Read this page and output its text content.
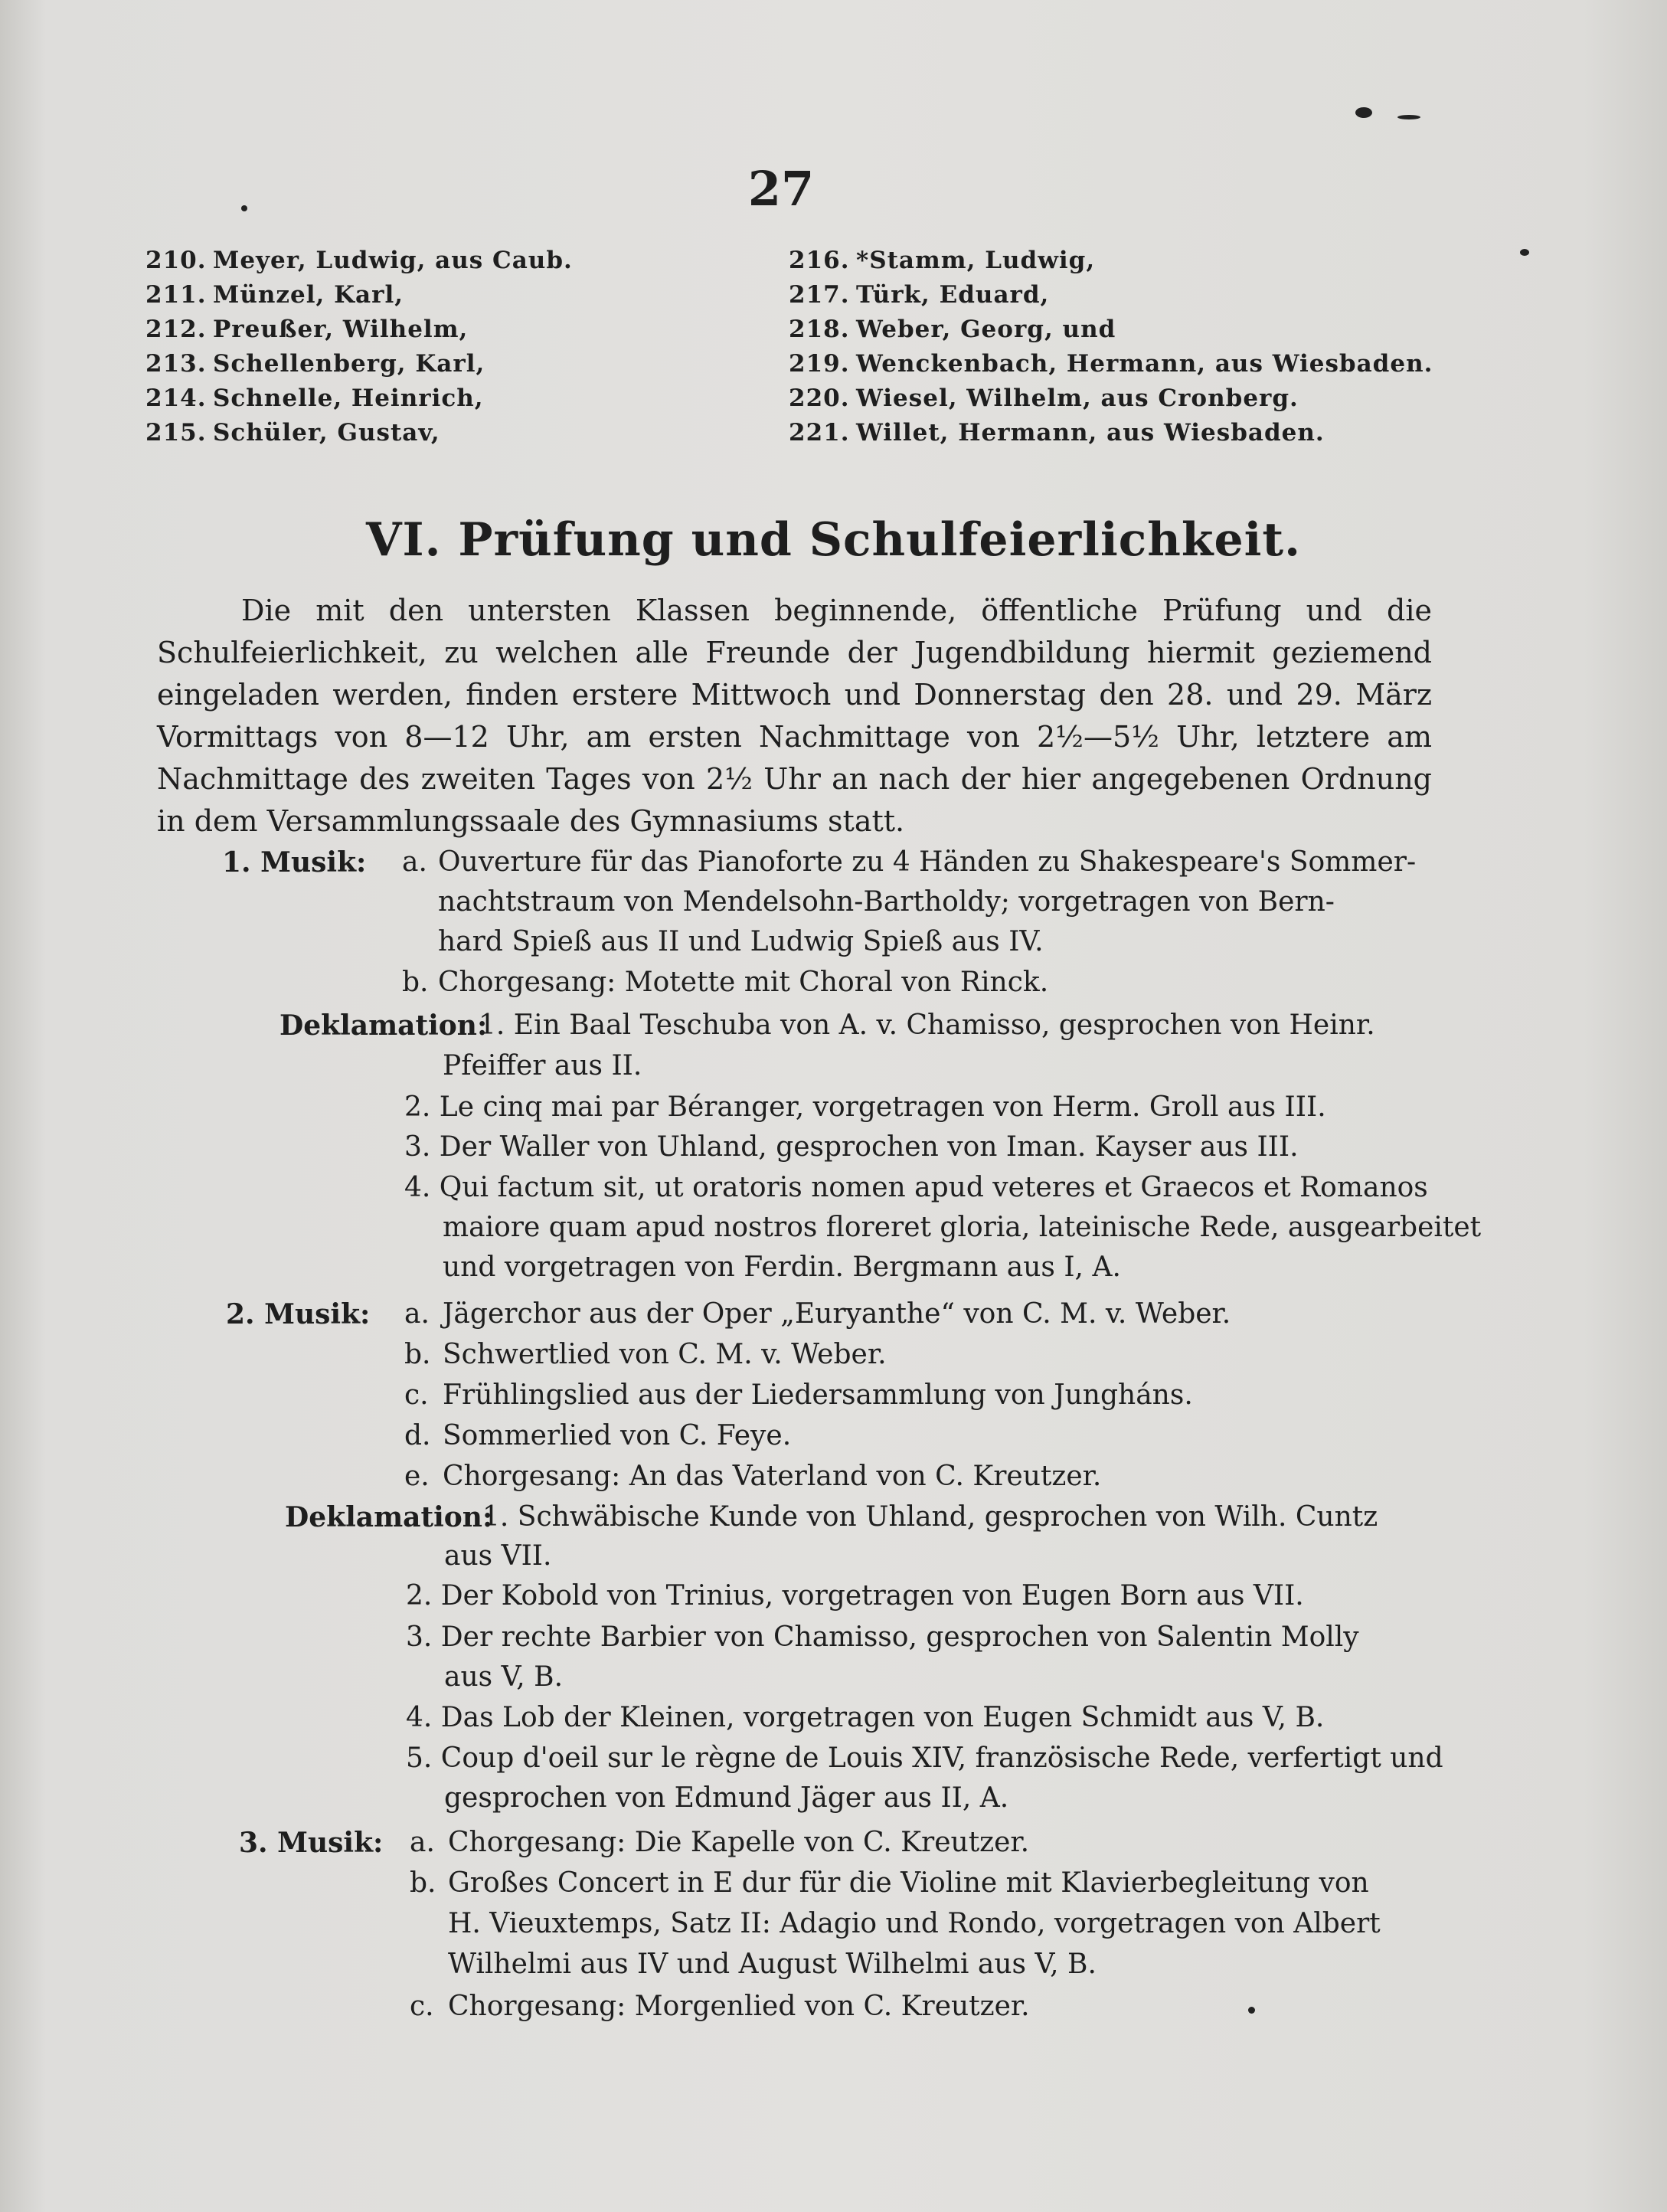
27
210. Meyer, Ludwig, aus Caub.
211. Münzel, Karl,
212. Preußer, Wilhelm,
213. Schellenberg, Karl,
214. Schnelle, Heinrich,
215. Schüler, Gustav,
216. *Stamm, Ludwig,
217. Türk, Eduard,
218. Weber, Georg, und
219. Wenckenbach, Hermann, aus Wiesbaden.
220. Wiesel, Wilhelm, aus Cronberg.
221. Willet, Hermann, aus Wiesbaden.
VI. Prüfung und Schulfeierlichkeit.
Die mit den untersten Klassen beginnende, öffentliche Prüfung und die Schulfeierlichkeit, zu welchen alle Freunde der Jugendbildung hiermit geziemend eingeladen werden, finden erstere Mittwoch und Donnerstag den 28. und 29. März Vormittags von 8—12 Uhr, am ersten Nachmittage von 2½—5½ Uhr, letztere am Nachmittage des zweiten Tages von 2½ Uhr an nach der hier angegebenen Ordnung in dem Versammlungssaale des Gymnasiums statt.
1. Musik: a. Ouverture für das Pianoforte zu 4 Händen zu Shakespeare's Sommer-
nachtstraum von Mendelsohn-Bartholdy; vorgetragen von Bern-
hard Spieß aus II und Ludwig Spieß aus IV.
b. Chorgesang: Motette mit Choral von Rinck.
Deklamation:
1. Ein Baal Teschuba von A. v. Chamisso, gesprochen von Heinr.
Pfeiffer aus II.
2. Le cinq mai par Béranger, vorgetragen von Herm. Groll aus III.
3. Der Waller von Uhland, gesprochen von Iman. Kayser aus III.
4. Qui factum sit, ut oratoris nomen apud veteres et Graecos et Romanos
maiore quam apud nostros floreret gloria, lateinische Rede, ausgearbeitet
und vorgetragen von Ferdin. Bergmann aus I, A.
2. Musik: a. Jägerchor aus der Oper „Euryanthe“ von C. M. v. Weber.
b. Schwertlied von C. M. v. Weber.
c. Frühlingslied aus der Liedersammlung von Jungháns.
d. Sommerlied von C. Feye.
e. Chorgesang: An das Vaterland von C. Kreutzer.
Deklamation:
1. Schwäbische Kunde von Uhland, gesprochen von Wilh. Cuntz
aus VII.
2. Der Kobold von Trinius, vorgetragen von Eugen Born aus VII.
3. Der rechte Barbier von Chamisso, gesprochen von Salentin Molly
aus V, B.
4. Das Lob der Kleinen, vorgetragen von Eugen Schmidt aus V, B.
5. Coup d'oeil sur le règne de Louis XIV, französische Rede, verfertigt und
gesprochen von Edmund Jäger aus II, A.
3. Musik: a. Chorgesang: Die Kapelle von C. Kreutzer.
b. Großes Concert in E dur für die Violine mit Klavierbegleitung von
H. Vieuxtemps, Satz II: Adagio und Rondo, vorgetragen von Albert
Wilhelmi aus IV und August Wilhelmi aus V, B.
c. Chorgesang: Morgenlied von C. Kreutzer.
